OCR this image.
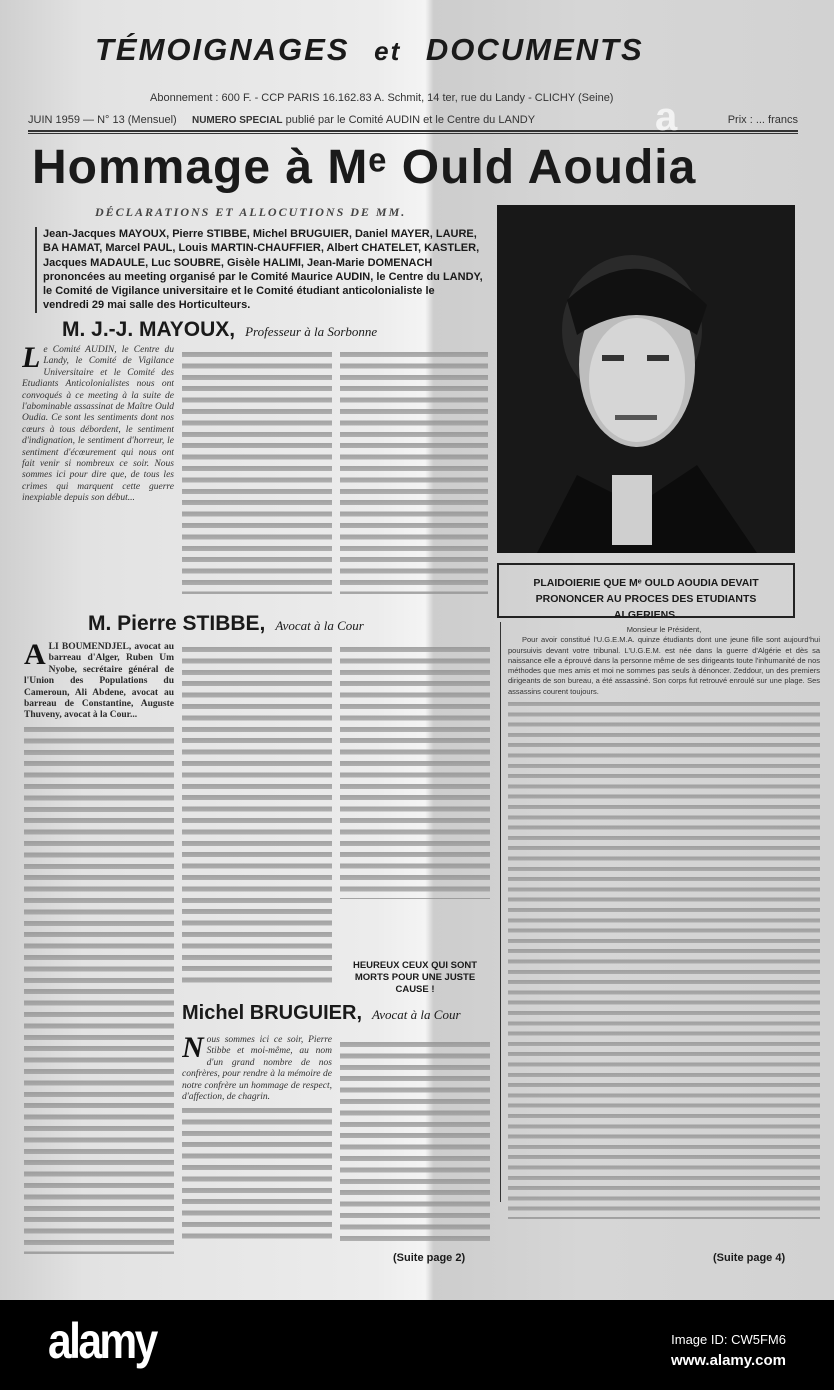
TÉMOIGNAGES et DOCUMENTS
Abonnement : 600 F. - CCP PARIS 16.162.83 A. Schmit, 14 ter, rue du Landy - CLICHY (Seine)
JUIN 1959 — N° 13 (Mensuel) NUMERO SPECIAL publié par le Comité AUDIN et le Centre du LANDY	Prix : ... francs
Hommage à Mᵉ Ould Aoudia
DÉCLARATIONS ET ALLOCUTIONS DE MM.
Jean-Jacques MAYOUX, Pierre STIBBE, Michel BRUGUIER, Daniel MAYER, LAURE, BA HAMAT, Marcel PAUL, Louis MARTIN-CHAUFFIER, Albert CHATELET, KASTLER, Jacques MADAULE, Luc SOUBRE, Gisèle HALIMI, Jean-Marie DOMENACH prononcées au meeting organisé par le Comité Maurice AUDIN, le Centre du LANDY, le Comité de Vigilance universitaire et le Comité étudiant anticolonialiste le vendredi 29 mai salle des Horticulteurs.
M. J.-J. MAYOUX, Professeur à la Sorbonne
Le Comité AUDIN, le Centre du Landy, le Comité de Vigilance Universitaire et le Comité des Etudiants Anticolonialistes nous ont convoqués à ce meeting à la suite de l'abominable assassinat de Maître Ould Oudia. Ce sont les sentiments dont nos cœurs à tous débordent, le sentiment d'indignation, le sentiment d'horreur, le sentiment d'écœurement qui nous ont fait venir si nombreux ce soir. Nous sommes ici pour dire que, de tous les crimes qui marquent cette guerre inexpiable depuis son début...
M. Pierre STIBBE, Avocat à la Cour
ALI BOUMENDJEL, avocat au barreau d'Alger, Ruben Um Nyobe, secrétaire général de l'Union des Populations du Cameroun, Ali Abdene, avocat au barreau de Constantine, Auguste Thuveny, avocat à la Cour...
HEUREUX CEUX QUI SONT MORTS POUR UNE JUSTE CAUSE !
Michel BRUGUIER, Avocat à la Cour
Nous sommes ici ce soir, Pierre Stibbe et moi-même, au nom d'un grand nombre de nos confrères, pour rendre à la mémoire de notre confrère un hommage de respect, d'affection, de chagrin.
(Suite page 2)
PLAIDOIERIE QUE Mᵉ OULD AOUDIA DEVAIT PRONONCER AU PROCES DES ETUDIANTS ALGERIENS.
Monsieur le Président,
Pour avoir constitué l'U.G.E.M.A. quinze étudiants dont une jeune fille sont aujourd'hui poursuivis devant votre tribunal. L'U.G.E.M. est née dans la guerre d'Algérie et dès sa naissance elle a éprouvé dans la personne même de ses dirigeants toute l'inhumanité de nos méthodes que mes amis et moi ne sommes pas seuls à dénoncer. Zeddour, un des premiers dirigeants de son bureau, a été assassiné. Son corps fut retrouvé enroulé sur une plage. Ses assassins courent toujours.
(Suite page 4)
a
alamy	Image ID: CW5FM6
www.alamy.com
